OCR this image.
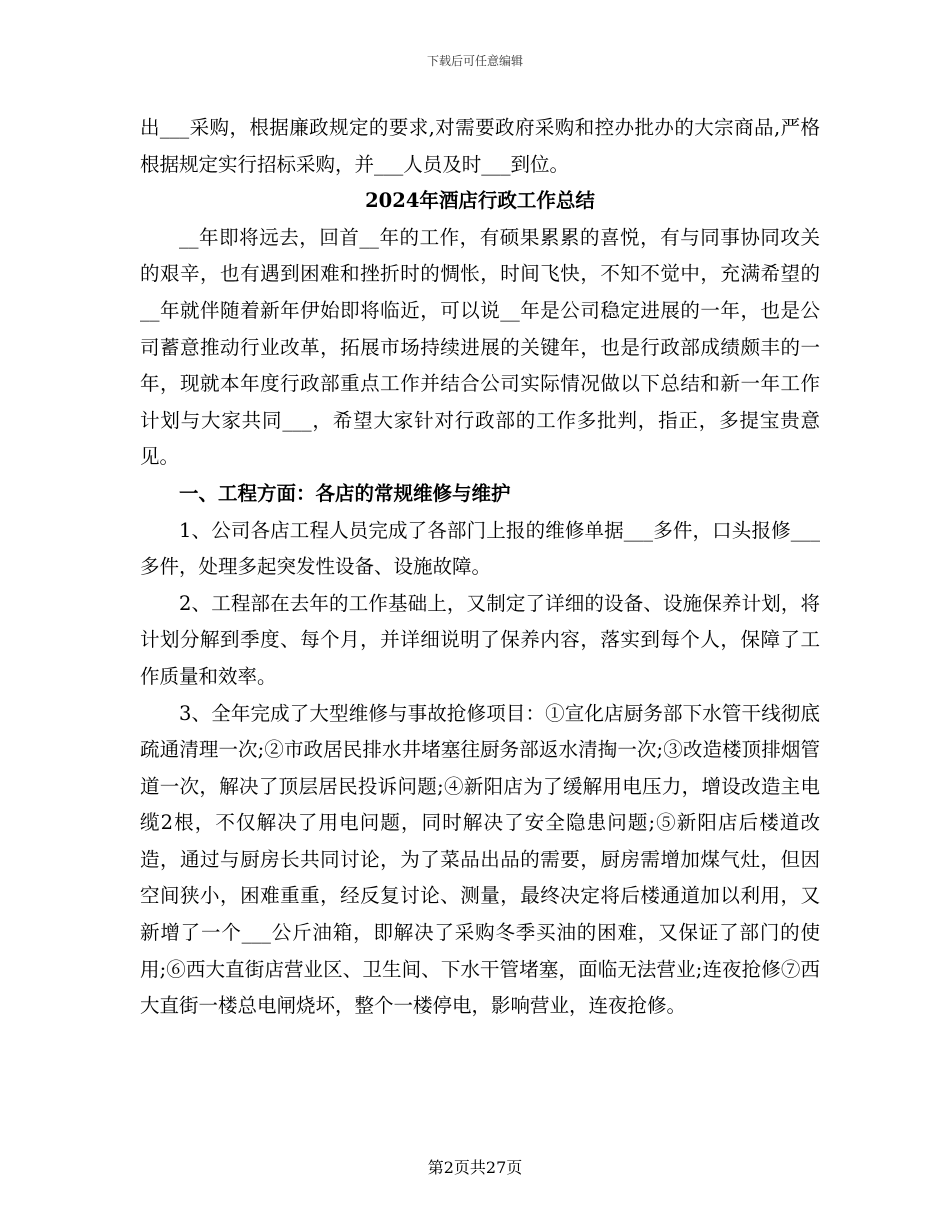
下载后可任意编辑

出___采购，根据廉政规定的要求,对需要政府采购和控办批办的大宗商品,严格根据规定实行招标采购，并___人员及时___到位。

2024年酒店行政工作总结

__年即将远去，回首__年的工作，有硕果累累的喜悦，有与同事协同攻关的艰辛，也有遇到困难和挫折时的惆怅，时间飞快，不知不觉中，充满希望的__年就伴随着新年伊始即将临近，可以说__年是公司稳定进展的一年，也是公司蓄意推动行业改革，拓展市场持续进展的关键年，也是行政部成绩颇丰的一年，现就本年度行政部重点工作并结合公司实际情况做以下总结和新一年工作计划与大家共同___，希望大家针对行政部的工作多批判，指正，多提宝贵意见。

一、工程方面：各店的常规维修与维护

1、公司各店工程人员完成了各部门上报的维修单据___多件，口头报修___多件，处理多起突发性设备、设施故障。

2、工程部在去年的工作基础上，又制定了详细的设备、设施保养计划，将计划分解到季度、每个月，并详细说明了保养内容，落实到每个人，保障了工作质量和效率。

3、全年完成了大型维修与事故抢修项目：①宣化店厨务部下水管干线彻底疏通清理一次;②市政居民排水井堵塞往厨务部返水清掏一次;③改造楼顶排烟管道一次，解决了顶层居民投诉问题;④新阳店为了缓解用电压力，增设改造主电缆2根，不仅解决了用电问题，同时解决了安全隐患问题;⑤新阳店后楼道改造，通过与厨房长共同讨论，为了菜品出品的需要，厨房需增加煤气灶，但因空间狭小，困难重重，经反复讨论、测量，最终决定将后楼通道加以利用，又新增了一个___公斤油箱，即解决了采购冬季买油的困难，又保证了部门的使用;⑥西大直街店营业区、卫生间、下水干管堵塞，面临无法营业;连夜抢修⑦西大直街一楼总电闸烧坏，整个一楼停电，影响营业，连夜抢修。

第2页共27页
